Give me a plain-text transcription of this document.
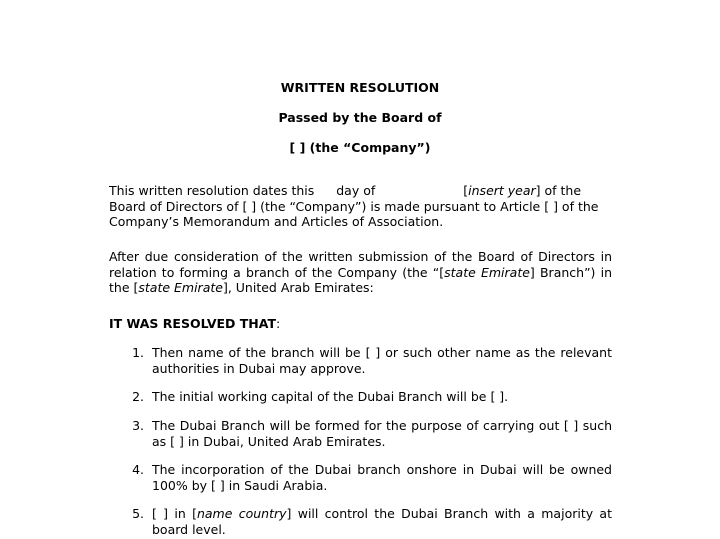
WRITTEN RESOLUTION

Passed by the Board of

[ ] (the “Company”)

This written resolution dates this day of	[insert year] of the Board of Directors of [ ] (the “Company”) is made pursuant to Article [ ] of the Company’s Memorandum and Articles of Association.

After due consideration of the written submission of the Board of Directors in relation to forming a branch of the Company (the “[state Emirate] Branch”) in the [state Emirate], United Arab Emirates:

IT WAS RESOLVED THAT:

1. Then name of the branch will be [ ] or such other name as the relevant authorities in Dubai may approve.
2. The initial working capital of the Dubai Branch will be [ ].
3. The Dubai Branch will be formed for the purpose of carrying out [ ] such as [ ] in Dubai, United Arab Emirates.
4. The incorporation of the Dubai branch onshore in Dubai will be owned 100% by [ ] in Saudi Arabia.
5. [ ] in [name country] will control the Dubai Branch with a majority at board level.
